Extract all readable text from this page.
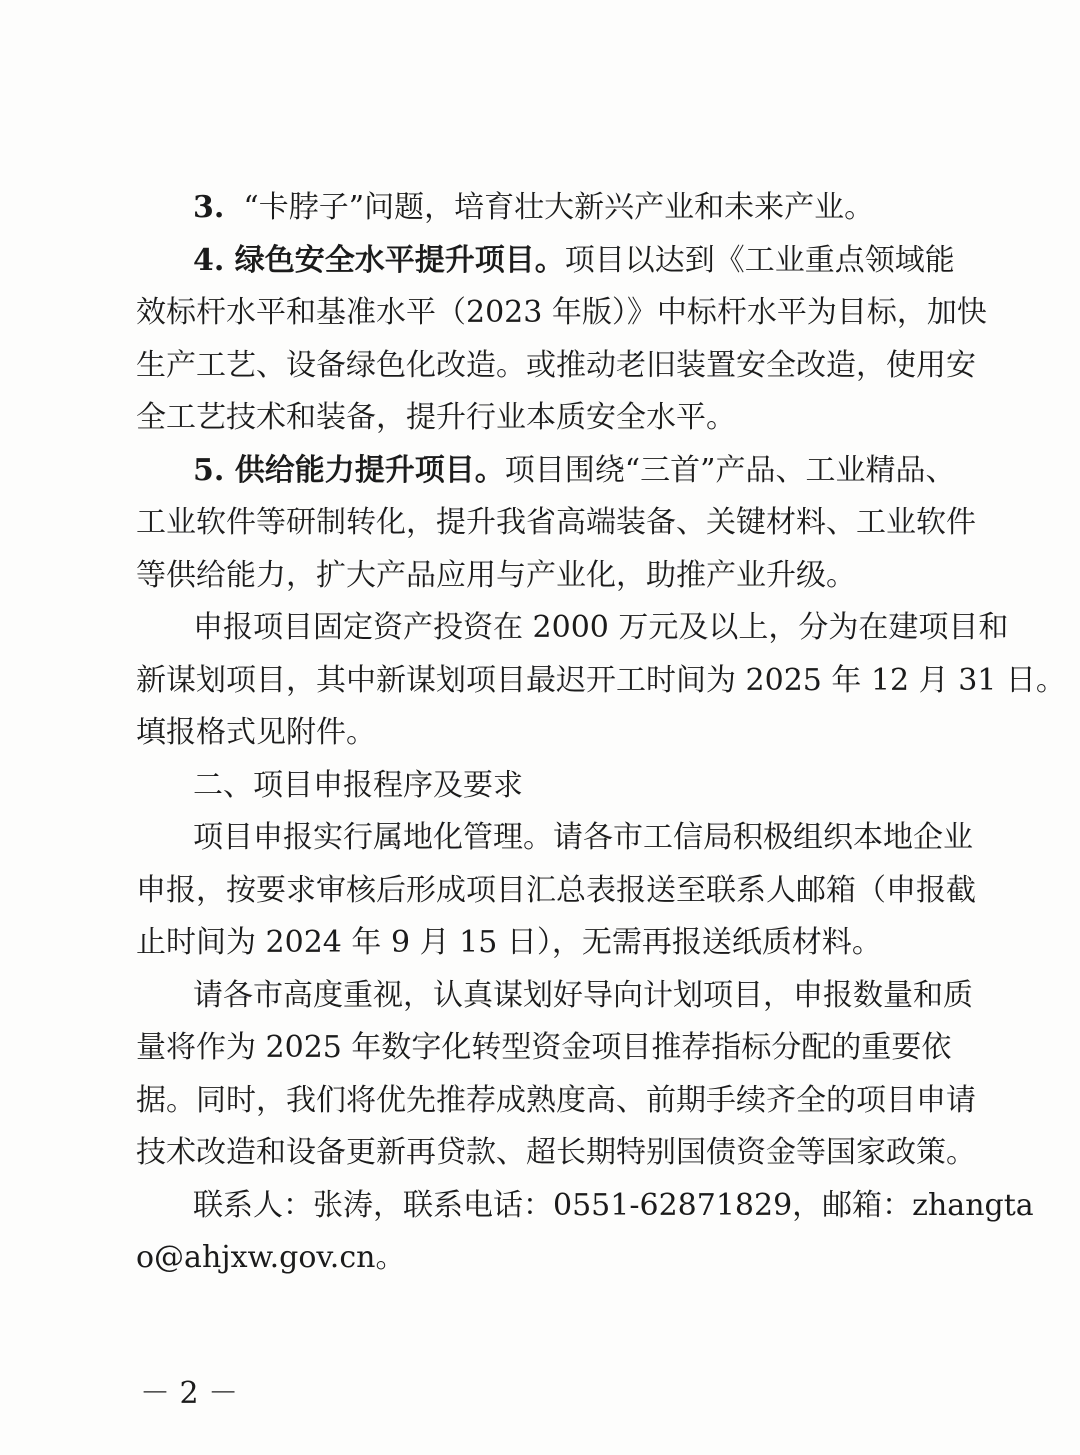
3. “卡脖子”问题，培育壮大新兴产业和未来产业。
4. 绿色安全水平提升项目。项目以达到《工业重点领域能
效标杆水平和基准水平（2023 年版）》中标杆水平为目标，加快
生产工艺、设备绿色化改造。或推动老旧装置安全改造，使用安
全工艺技术和装备，提升行业本质安全水平。
5. 供给能力提升项目。项目围绕“三首”产品、工业精品、
工业软件等研制转化，提升我省高端装备、关键材料、工业软件
等供给能力，扩大产品应用与产业化，助推产业升级。
申报项目固定资产投资在 2000 万元及以上，分为在建项目和
新谋划项目，其中新谋划项目最迟开工时间为 2025 年 12 月 31 日。
填报格式见附件。
二、项目申报程序及要求
项目申报实行属地化管理。请各市工信局积极组织本地企业
申报，按要求审核后形成项目汇总表报送至联系人邮箱（申报截
止时间为 2024 年 9 月 15 日），无需再报送纸质材料。
请各市高度重视，认真谋划好导向计划项目，申报数量和质
量将作为 2025 年数字化转型资金项目推荐指标分配的重要依
据。同时，我们将优先推荐成熟度高、前期手续齐全的项目申请
技术改造和设备更新再贷款、超长期特别国债资金等国家政策。
联系人：张涛，联系电话：0551-62871829，邮箱：zhangta
o@ahjxw.gov.cn。
－ 2 －
